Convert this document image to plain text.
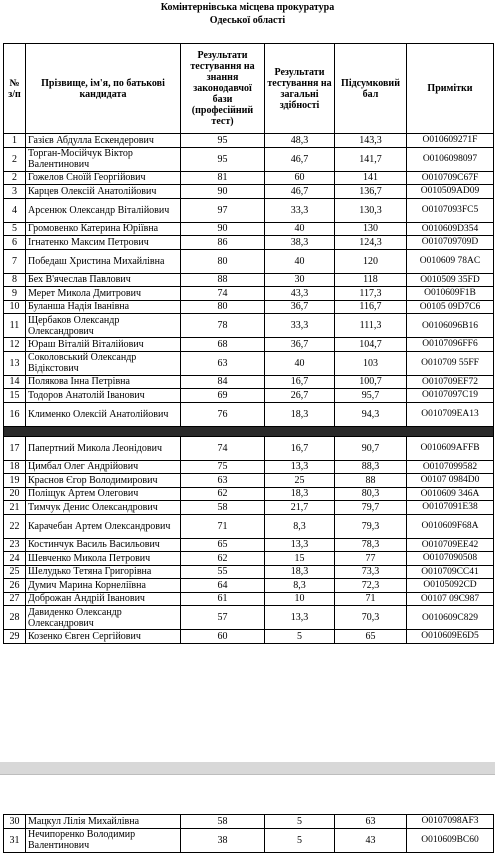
Комінтернівська місцева прокуратура
Одеської області
№ з/п	Прізвище, ім'я, по батькові кандидата	Результати тестування на знання законодавчої бази (професійний тест)	Результати тестування на загальні здібності	Підсумковий бал	Примітки
1	Газієв Абдулла Ескендерович	95	48,3	143,3	O010609271F
2	Торган-Мосійчук Віктор Валентинович	95	46,7	141,7	O0106098097
2	Гожелов Сноїй Георгійович	81	60	141	O010709C67F
3	Карцев Олексій Анатолійович	90	46,7	136,7	O010509AD09
4	Арсенюк Олександр Віталійович	97	33,3	130,3	O0107093FC5
5	Громовенко Катерина Юріївна	90	40	130	O010609D354
6	Ігнатенко Максим Петрович	86	38,3	124,3	O010709709D
7	Победаш Христина Михайлівна	80	40	120	O010609 78AC
8	Бех В'ячеслав Павлович	88	30	118	O010509 35FD
9	Мерет Микола Дмитрович	74	43,3	117,3	O010609F1B
10	Буланша Надія Іванівна	80	36,7	116,7	O0105 09D7C6
11	Щербаков Олександр Олександрович	78	33,3	111,3	O0106096B16
12	Юраш Віталій Віталійович	68	36,7	104,7	O0107096FF6
13	Соколовський Олександр Відікстович	63	40	103	O010709 55FF
14	Полякова Інна Петрівна	84	16,7	100,7	O010709EF72
15	Тодоров Анатолій Іванович	69	26,7	95,7	O0107097C19
16	Клименко Олексій Анатолійович	76	18,3	94,3	O010709EA13

17	Папертний Микола Леонідович	74	16,7	90,7	O010609AFFB
18	Цимбал Олег Андрійович	75	13,3	88,3	O0107099582
19	Краснов Єгор Володимирович	63	25	88	O0107 0984D0
20	Поліщук Артем Олегович	62	18,3	80,3	O010609 346A
21	Тимчук Денис Олександрович	58	21,7	79,7	O0107091E38
22	Карачебан Артем Олександрович	71	8,3	79,3	O010609F68A
23	Костинчук Василь Васильович	65	13,3	78,3	O010709EE42
24	Шевченко Микола Петрович	62	15	77	O0107090508
25	Шелудько Тетяна Григорівна	55	18,3	73,3	O010709CC41
26	Думич Марина Корнеліївна	64	8,3	72,3	O0105092CD
27	Доброжан Андрій Іванович	61	10	71	O0107 09C987
28	Давиденко Олександр Олександрович	57	13,3	70,3	O010609C829
29	Козенко Євген Сергійович	60	5	65	O010609E6D5
30	Мацкул Лілія Михайлівна	58	5	63	O0107098AF3
31	Нечипоренко Володимир Валентинович	38	5	43	O010609BC60
